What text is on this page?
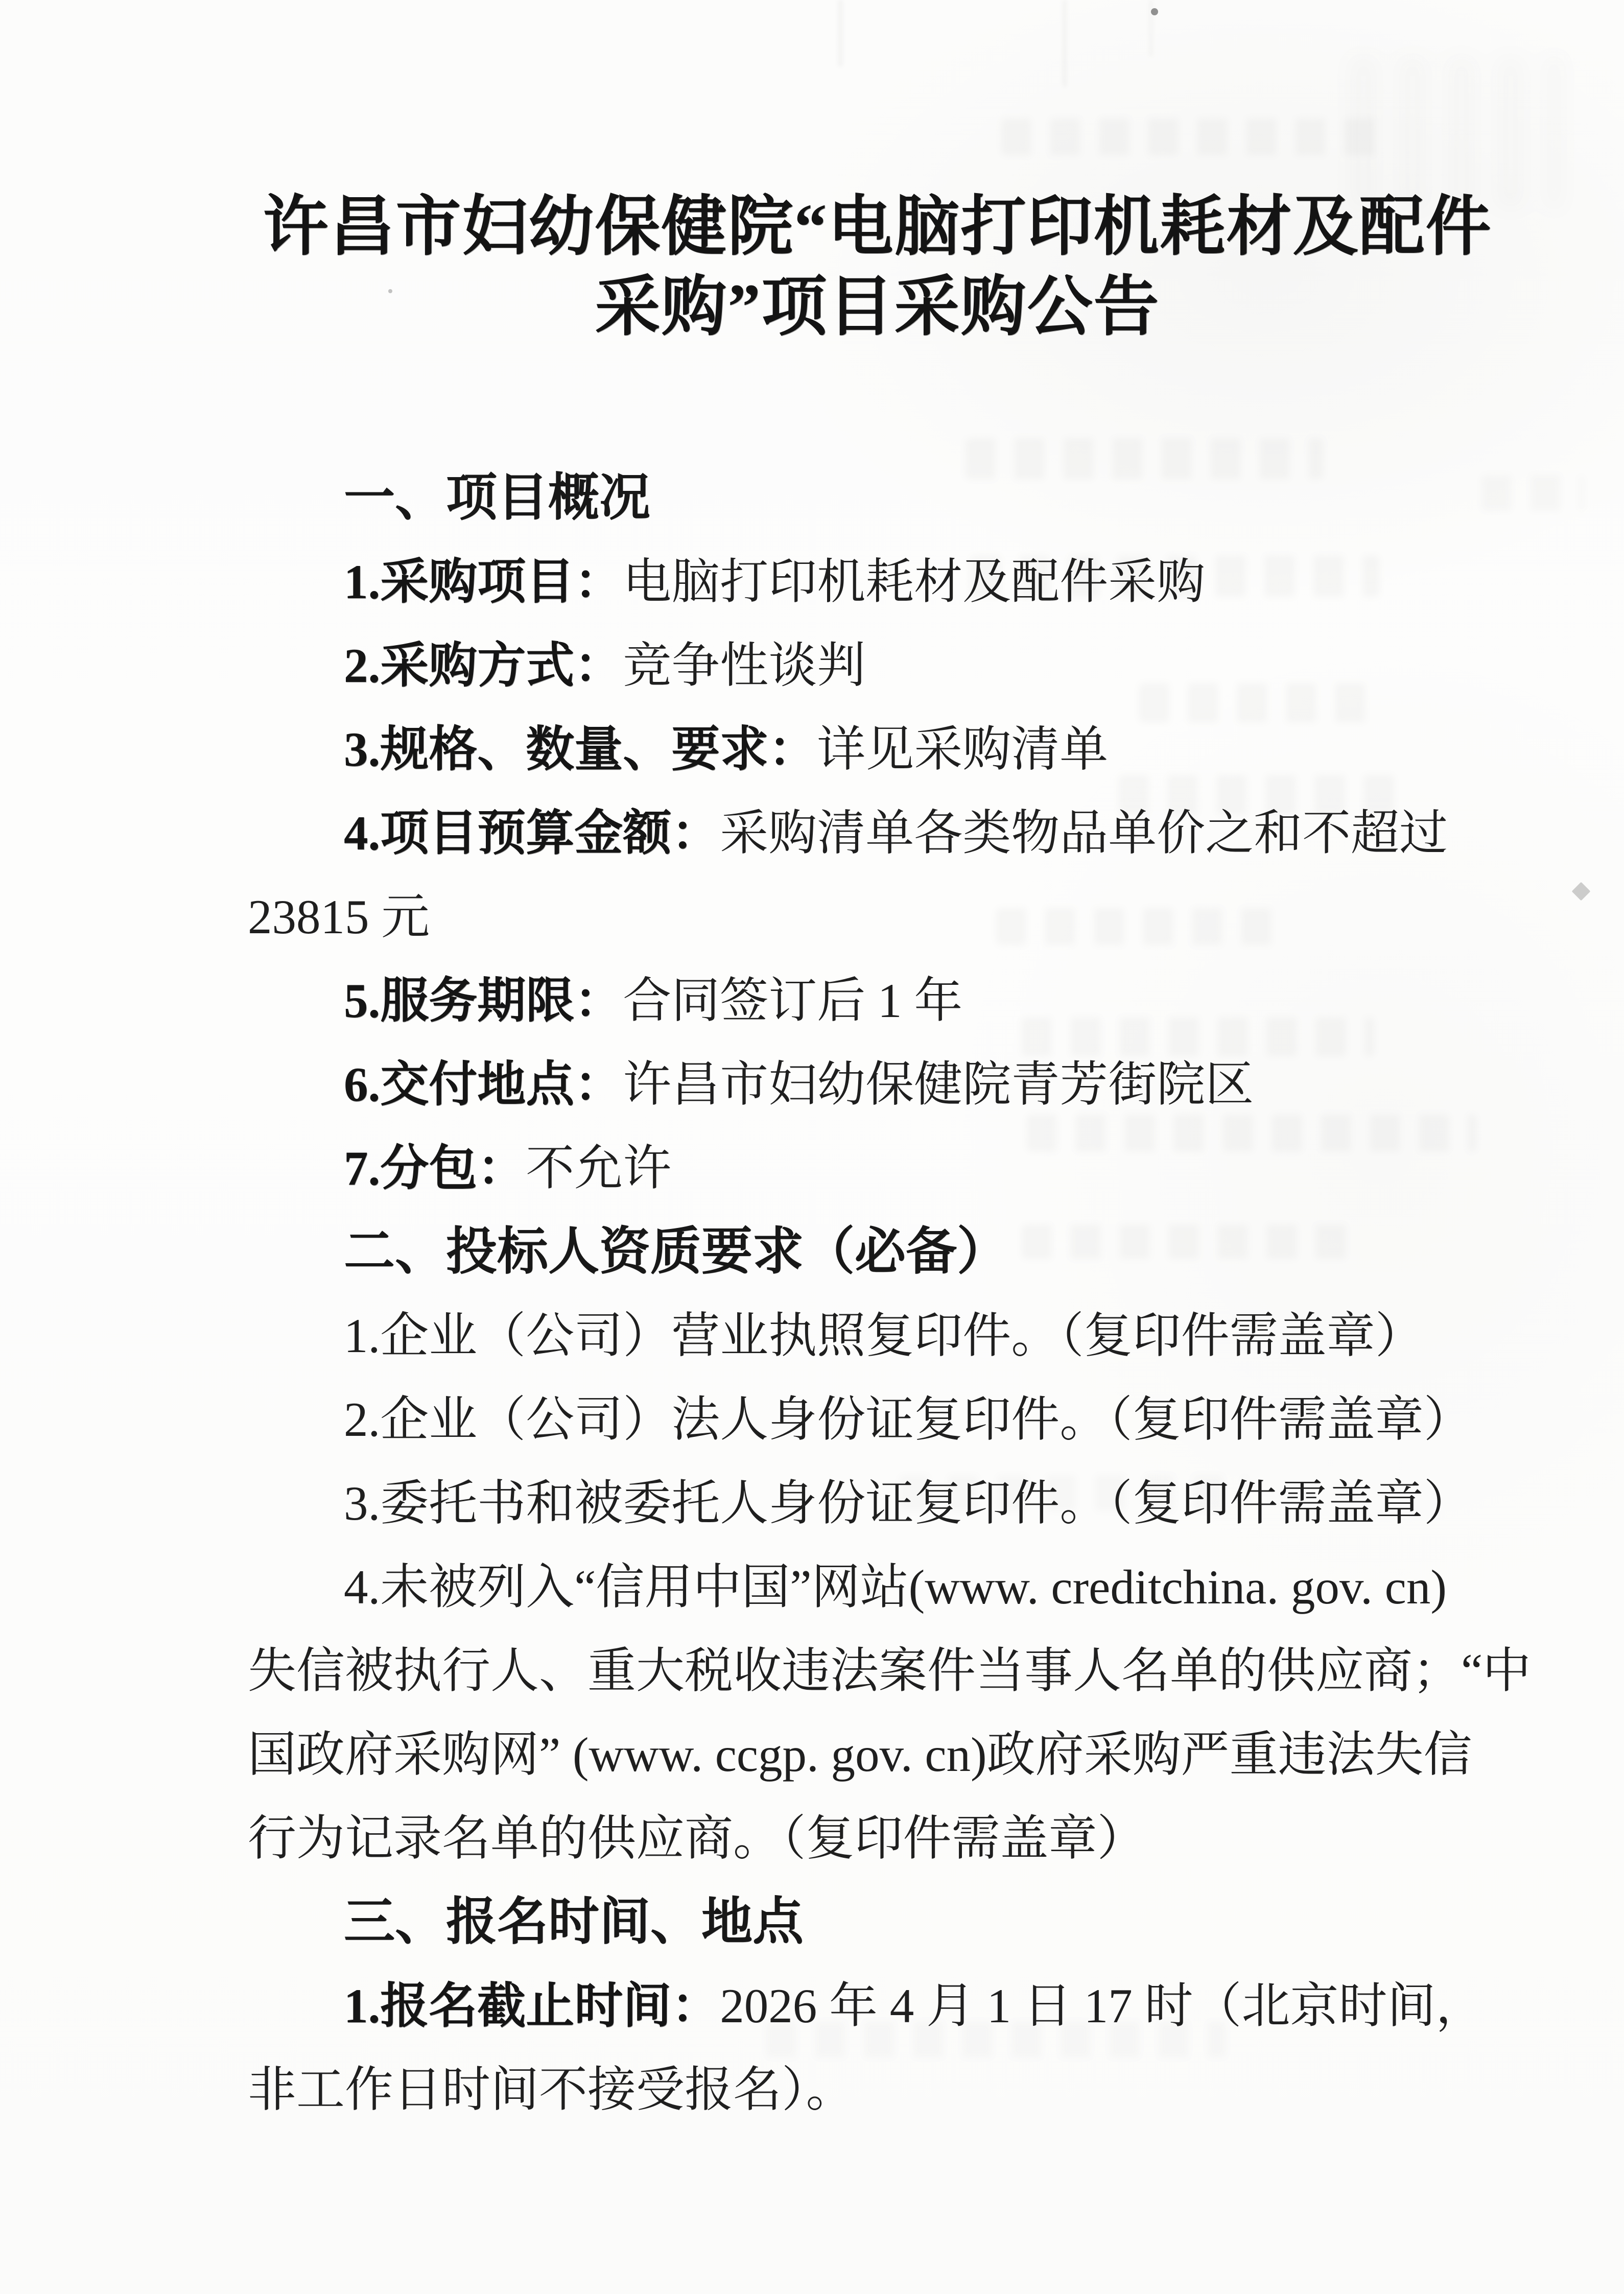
许昌市妇幼保健院“电脑打印机耗材及配件
采购”项目采购公告

一、项目概况

1.采购项目：电脑打印机耗材及配件采购

2.采购方式：竞争性谈判

3.规格、数量、要求：详见采购清单

4.项目预算金额：采购清单各类物品单价之和不超过

23815 元

5.服务期限：合同签订后 1 年

6.交付地点：许昌市妇幼保健院青芳街院区

7.分包：不允许

二、投标人资质要求（必备）

1.企业（公司）营业执照复印件。（复印件需盖章）

2.企业（公司）法人身份证复印件。（复印件需盖章）

3.委托书和被委托人身份证复印件。（复印件需盖章）

4.未被列入“信用中国”网站(www. creditchina. gov. cn)

失信被执行人、重大税收违法案件当事人名单的供应商；“中

国政府采购网” (www. ccgp. gov. cn)政府采购严重违法失信

行为记录名单的供应商。（复印件需盖章）

三、报名时间、地点

1.报名截止时间：2026 年 4 月 1 日 17 时（北京时间，

非工作日时间不接受报名）。
